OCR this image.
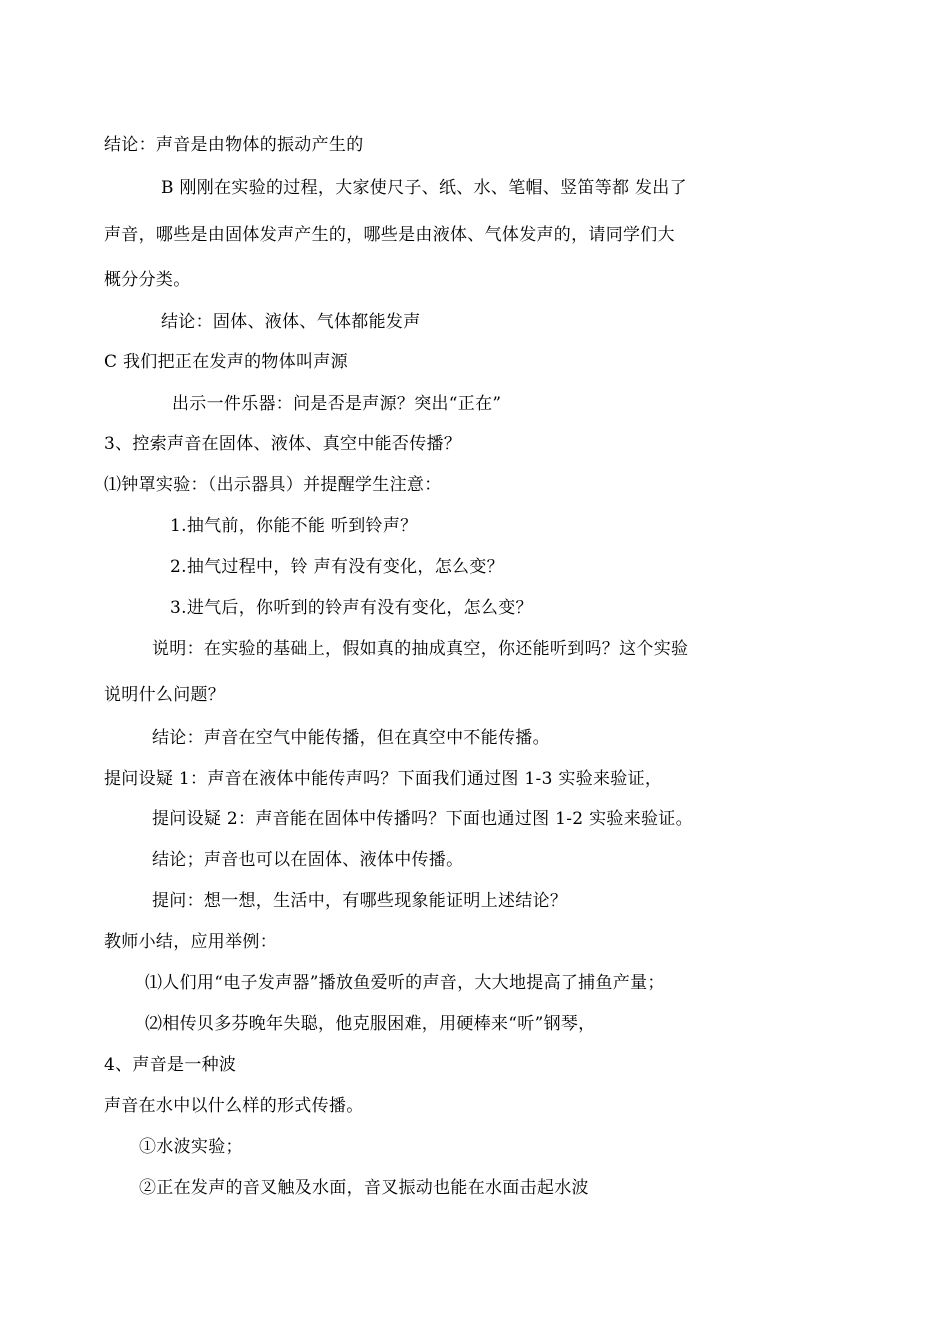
结论：声音是由物体的振动产生的
B 刚刚在实验的过程，大家使尺子、纸、水、笔帽、竖笛等都 发出了
声音，哪些是由固体发声产生的，哪些是由液体、气体发声的，请同学们大
概分分类。
结论：固体、液体、气体都能发声
C 我们把正在发声的物体叫声源
出示一件乐器：问是否是声源？突出“正在”
3、控索声音在固体、液体、真空中能否传播？
⑴钟罩实验：（出示器具）并提醒学生注意：
1.抽气前，你能不能 听到铃声？
2.抽气过程中，铃 声有没有变化，怎么变？
3.进气后，你听到的铃声有没有变化，怎么变？
说明：在实验的基础上，假如真的抽成真空，你还能听到吗？这个实验
说明什么问题？
结论：声音在空气中能传播，但在真空中不能传播。
提问设疑 1：声音在液体中能传声吗？下面我们通过图 1-3 实验来验证，
提问设疑 2：声音能在固体中传播吗？下面也通过图 1-2 实验来验证。
结论；声音也可以在固体、液体中传播。
提问：想一想，生活中，有哪些现象能证明上述结论？
教师小结，应用举例：
⑴人们用“电子发声器”播放鱼爱听的声音，大大地提高了捕鱼产量；
⑵相传贝多芬晚年失聪，他克服困难，用硬棒来“听”钢琴，
4、声音是一种波
声音在水中以什么样的形式传播。
①水波实验；
②正在发声的音叉触及水面，音叉振动也能在水面击起水波
